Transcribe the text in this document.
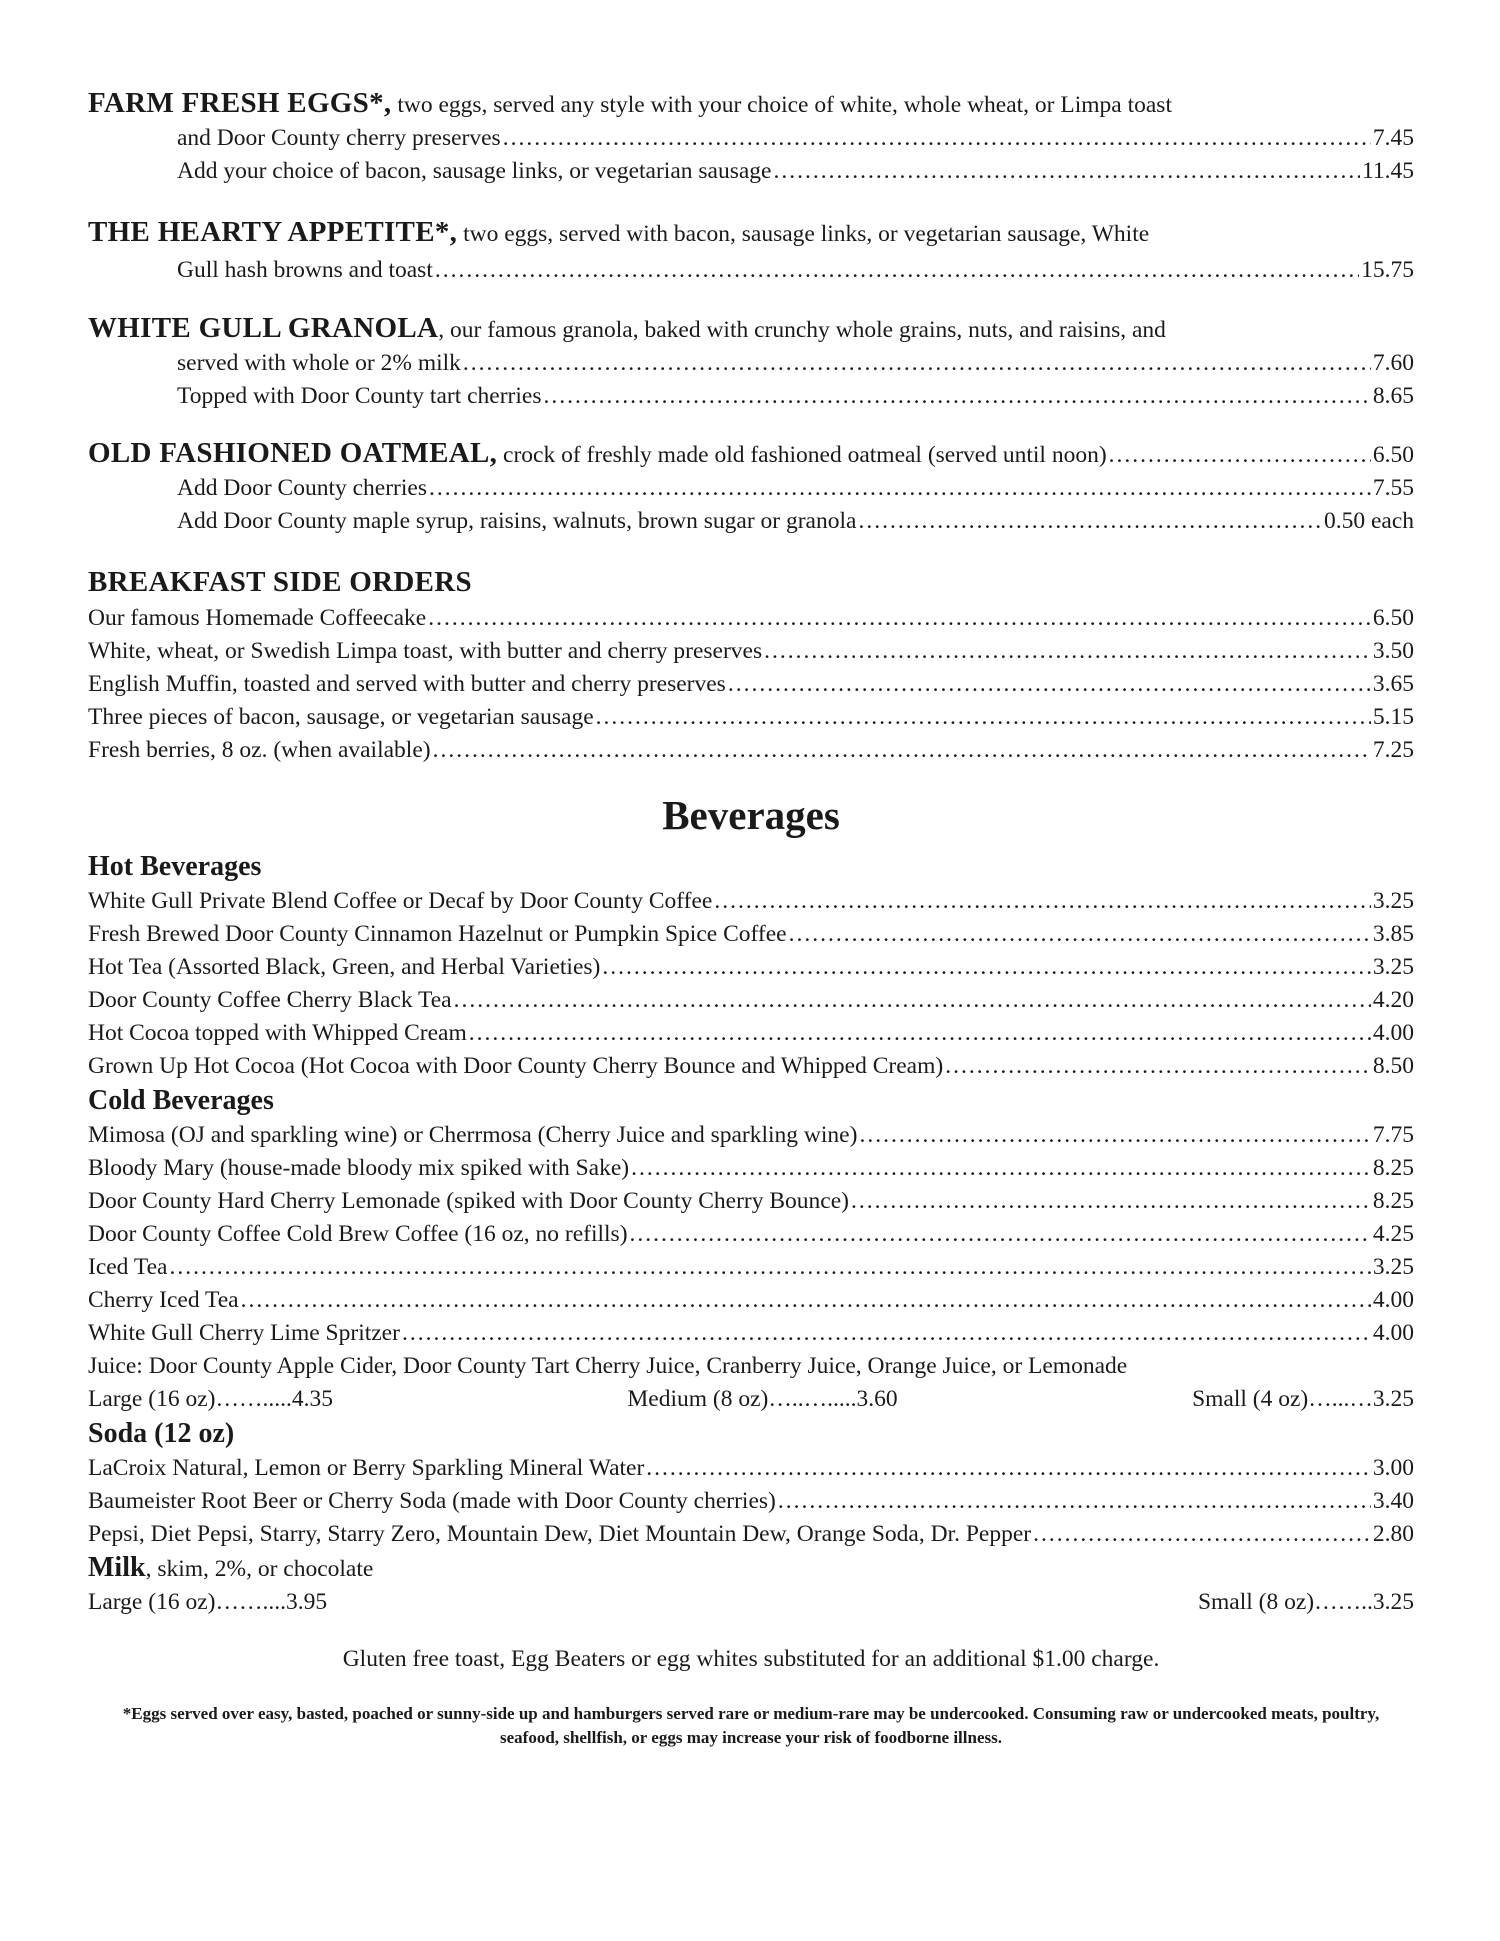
FARM FRESH EGGS*, two eggs, served any style with your choice of white, whole wheat, or Limpa toast
and Door County cherry preserves .....	7.45
Add your choice of bacon, sausage links, or vegetarian sausage .....	11.45
THE HEARTY APPETITE*, two eggs, served with bacon, sausage links, or vegetarian sausage, White
Gull hash browns and toast .....	15.75
WHITE GULL GRANOLA, our famous granola, baked with crunchy whole grains, nuts, and raisins, and
served with whole or 2% milk .....	7.60
Topped with Door County tart cherries .....	8.65
OLD FASHIONED OATMEAL, crock of freshly made old fashioned oatmeal (served until noon) .....	6.50
Add Door County cherries .....	7.55
Add Door County maple syrup, raisins, walnuts, brown sugar or granola .....	0.50 each
BREAKFAST SIDE ORDERS
Our famous Homemade Coffeecake .....	6.50
White, wheat, or Swedish Limpa toast, with butter and cherry preserves .....	3.50
English Muffin, toasted and served with butter and cherry preserves .....	3.65
Three pieces of bacon, sausage, or vegetarian sausage .....	5.15
Fresh berries, 8 oz. (when available) .....	7.25
Beverages
Hot Beverages
White Gull Private Blend Coffee or Decaf by Door County Coffee .....	3.25
Fresh Brewed Door County Cinnamon Hazelnut or Pumpkin Spice Coffee .....	3.85
Hot Tea (Assorted Black, Green, and Herbal Varieties) .....	3.25
Door County Coffee Cherry Black Tea .....	4.20
Hot Cocoa topped with Whipped Cream .....	4.00
Grown Up Hot Cocoa (Hot Cocoa with Door County Cherry Bounce and Whipped Cream) .....	8.50
Cold Beverages
Mimosa (OJ and sparkling wine) or Cherrmosa (Cherry Juice and sparkling wine) .....	7.75
Bloody Mary (house-made bloody mix spiked with Sake) .....	8.25
Door County Hard Cherry Lemonade (spiked with Door County Cherry Bounce) .....	8.25
Door County Coffee Cold Brew Coffee (16 oz, no refills) .....	4.25
Iced Tea .....	3.25
Cherry Iced Tea .....	4.00
White Gull Cherry Lime Spritzer .....	4.00
Juice: Door County Apple Cider, Door County Tart Cherry Juice, Cranberry Juice, Orange Juice, or Lemonade
Large (16 oz)…….....4.35	Medium (8 oz)…..….....3.60	Small (4 oz)…...…3.25
Soda (12 oz)
LaCroix Natural, Lemon or Berry Sparkling Mineral Water .....	3.00
Baumeister Root Beer or Cherry Soda (made with Door County cherries) .....	3.40
Pepsi, Diet Pepsi, Starry, Starry Zero, Mountain Dew, Diet Mountain Dew, Orange Soda, Dr. Pepper .....	2.80
Milk, skim, 2%, or chocolate
Large (16 oz)……....3.95	Small (8 oz)……..3.25
Gluten free toast, Egg Beaters or egg whites substituted for an additional $1.00 charge.
*Eggs served over easy, basted, poached or sunny-side up and hamburgers served rare or medium-rare may be undercooked. Consuming raw or undercooked meats, poultry, seafood, shellfish, or eggs may increase your risk of foodborne illness.
